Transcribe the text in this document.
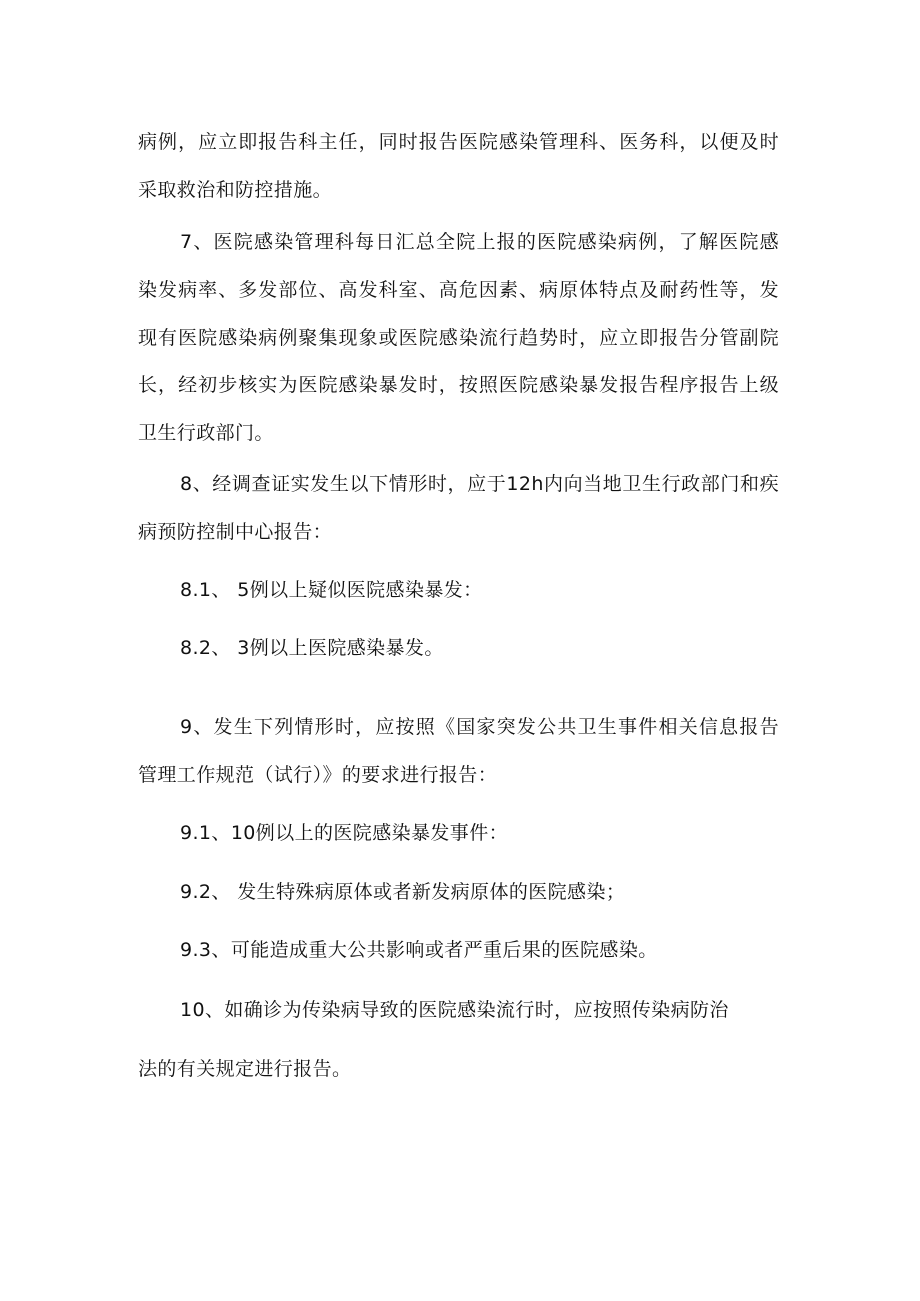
病例，应立即报告科主任，同时报告医院感染管理科、医务科，以便及时
采取救治和防控措施。
7、医院感染管理科每日汇总全院上报的医院感染病例，了解医院感
染发病率、多发部位、高发科室、高危因素、病原体特点及耐药性等，发
现有医院感染病例聚集现象或医院感染流行趋势时，应立即报告分管副院
长，经初步核实为医院感染暴发时，按照医院感染暴发报告程序报告上级
卫生行政部门。
8、经调查证实发生以下情形时，应于12h内向当地卫生行政部门和疾
病预防控制中心报告：
8.1、 5例以上疑似医院感染暴发：
8.2、 3例以上医院感染暴发。
9、发生下列情形时，应按照《国家突发公共卫生事件相关信息报告
管理工作规范（试行）》的要求进行报告：
9.1、10例以上的医院感染暴发事件：
9.2、 发生特殊病原体或者新发病原体的医院感染；
9.3、可能造成重大公共影响或者严重后果的医院感染。
10、如确诊为传染病导致的医院感染流行时，应按照传染病防治
法的有关规定进行报告。
